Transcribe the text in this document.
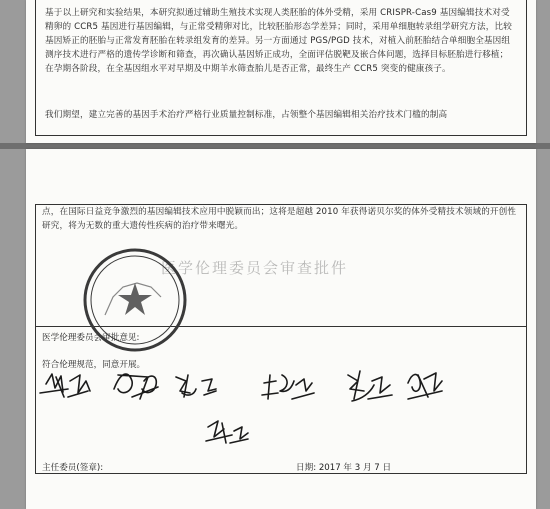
基于以上研究和实验结果，本研究拟通过辅助生殖技术实现人类胚胎的体外受精，采用 CRISPR-Cas9 基因编辑技术对受精卵的 CCR5 基因进行基因编辑，与正常受精卵对比，比较胚胎形态学差异；同时，采用单细胞转录组学研究方法，比较基因矫正的胚胎与正常发育胚胎在转录组发育的差异。另一方面通过 PGS/PGD 技术，对植入前胚胎结合单细胞全基因组测序技术进行严格的遗传学诊断和筛查，再次确认基因矫正成功，全面评估脱靶及嵌合体问题，选择目标胚胎进行移植；在孕期各阶段，在全基因组水平对早期及中期羊水筛查胎儿是否正常，最终生产 CCR5 突变的健康孩子。

我们期望，建立完善的基因手术治疗严格行业质量控制标准，占领整个基因编辑相关治疗技术门槛的制高

点，在国际日益竞争激烈的基因编辑技术应用中脱颖而出；这将是超越 2010 年获得诺贝尔奖的体外受精技术领域的开创性研究，将为无数的重大遗传性疾病的治疗带来曙光。

医学伦理委员会审查批件

医学伦理委员会审批意见:

符合伦理规范，同意开展。

主任委员(签章):	日期: 2017 年 3 月 7 日
